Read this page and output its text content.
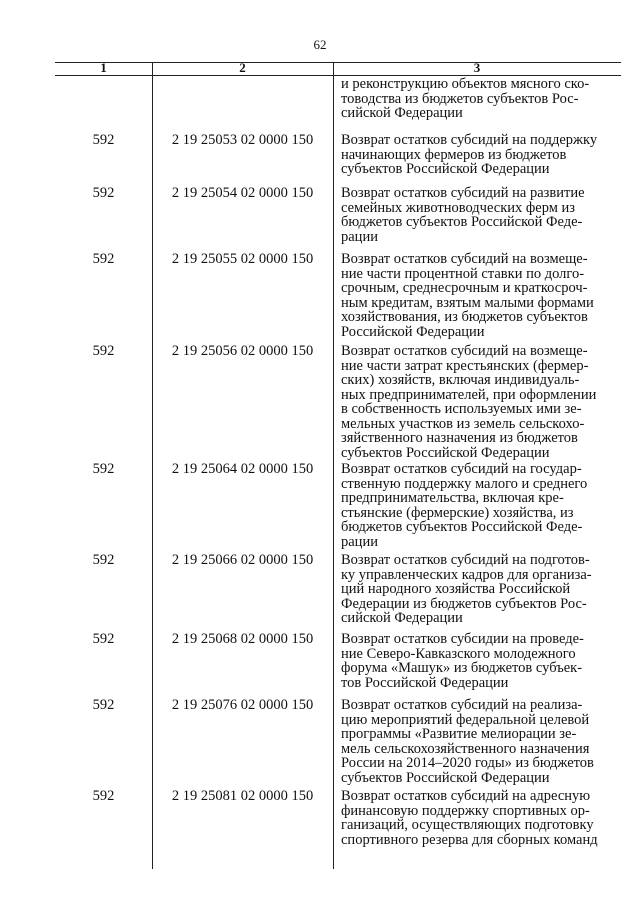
62
1	2	3
и реконструкцию объектов мясного ско-
товодства из бюджетов субъектов Рос-
сийской Федерации
592	2 19 25053 02 0000 150	Возврат остатков субсидий на поддержку
начинающих фермеров из бюджетов
субъектов Российской Федерации
592	2 19 25054 02 0000 150	Возврат остатков субсидий на развитие
семейных животноводческих ферм из
бюджетов субъектов Российской Феде-
рации
592	2 19 25055 02 0000 150	Возврат остатков субсидий на возмеще-
ние части процентной ставки по долго-
срочным, среднесрочным и краткосроч-
ным кредитам, взятым малыми формами
хозяйствования, из бюджетов субъектов
Российской Федерации
592	2 19 25056 02 0000 150	Возврат остатков субсидий на возмеще-
ние части затрат крестьянских (фермер-
ских) хозяйств, включая индивидуаль-
ных предпринимателей, при оформлении
в собственность используемых ими зе-
мельных участков из земель сельскохо-
зяйственного назначения из бюджетов
субъектов Российской Федерации
592	2 19 25064 02 0000 150	Возврат остатков субсидий на государ-
ственную поддержку малого и среднего
предпринимательства, включая кре-
стьянские (фермерские) хозяйства, из
бюджетов субъектов Российской Феде-
рации
592	2 19 25066 02 0000 150	Возврат остатков субсидий на подготов-
ку управленческих кадров для организа-
ций народного хозяйства Российской
Федерации из бюджетов субъектов Рос-
сийской Федерации
592	2 19 25068 02 0000 150	Возврат остатков субсидии на проведе-
ние Северо-Кавказского молодежного
форума «Машук» из бюджетов субъек-
тов Российской Федерации
592	2 19 25076 02 0000 150	Возврат остатков субсидий на реализа-
цию мероприятий федеральной целевой
программы «Развитие мелиорации зе-
мель сельскохозяйственного назначения
России на 2014–2020 годы» из бюджетов
субъектов Российской Федерации
592	2 19 25081 02 0000 150	Возврат остатков субсидий на адресную
финансовую поддержку спортивных ор-
ганизаций, осуществляющих подготовку
спортивного резерва для сборных команд
